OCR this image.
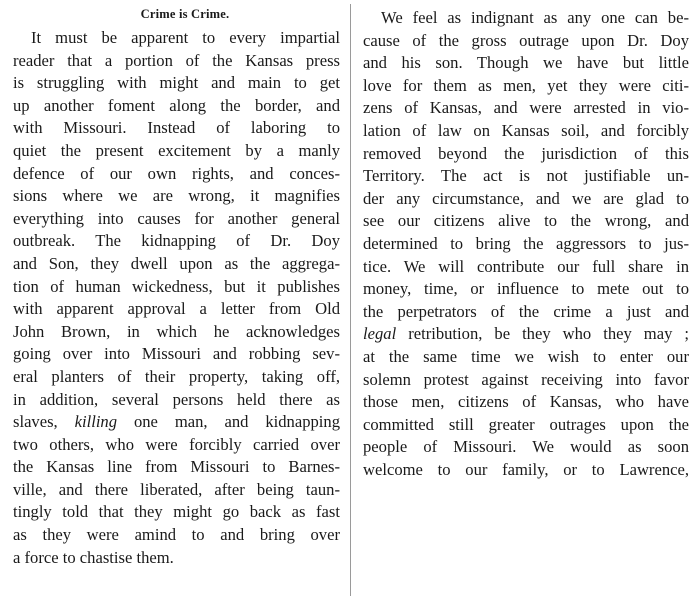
Crime is Crime.
It must be apparent to every impartial
reader that a portion of the Kansas press
is struggling with might and main to get
up another foment along the border, and
with Missouri. Instead of laboring to
quiet the present excitement by a manly
defence of our own rights, and conces-
sions where we are wrong, it magnifies
everything into causes for another general
outbreak. The kidnapping of Dr. Doy
and Son, they dwell upon as the aggrega-
tion of human wickedness, but it publishes
with apparent approval a letter from Old
John Brown, in which he acknowledges
going over into Missouri and robbing sev-
eral planters of their property, taking off,
in addition, several persons held there as
slaves, killing one man, and kidnapping
two others, who were forcibly carried over
the Kansas line from Missouri to Barnes-
ville, and there liberated, after being taun-
tingly told that they might go back as fast
as they were amind to and bring over
a force to chastise them.
We feel as indignant as any one can be-
cause of the gross outrage upon Dr. Doy
and his son. Though we have but little
love for them as men, yet they were citi-
zens of Kansas, and were arrested in vio-
lation of law on Kansas soil, and forcibly
removed beyond the jurisdiction of this
Territory. The act is not justifiable un-
der any circumstance, and we are glad to
see our citizens alive to the wrong, and
determined to bring the aggressors to jus-
tice. We will contribute our full share in
money, time, or influence to mete out to
the perpetrators of the crime a just and
legal retribution, be they who they may ;
at the same time we wish to enter our
solemn protest against receiving into favor
those men, citizens of Kansas, who have
committed still greater outrages upon the
people of Missouri. We would as soon
welcome to our family, or to Lawrence,
